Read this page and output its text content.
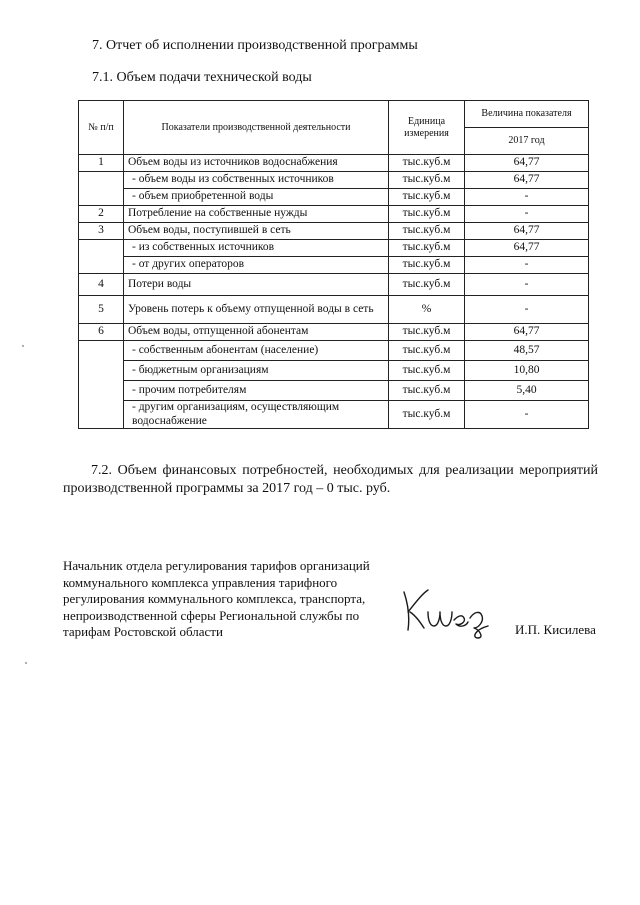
7. Отчет об исполнении производственной программы
7.1. Объем подачи технической воды
№ п/п	Показатели производственной деятельности	Единица измерения	Величина показателя
			2017 год
1	Объем воды из источников водоснабжения	тыс.куб.м	64,77
	- объем воды из собственных источников	тыс.куб.м	64,77
	- объем приобретенной воды	тыс.куб.м	-
2	Потребление на собственные нужды	тыс.куб.м	-
3	Объем воды, поступившей в сеть	тыс.куб.м	64,77
	- из собственных источников	тыс.куб.м	64,77
	- от других операторов	тыс.куб.м	-
4	Потери воды	тыс.куб.м	-
5	Уровень потерь к объему отпущенной воды в сеть	%	-
6	Объем воды, отпущенной абонентам	тыс.куб.м	64,77
	- собственным абонентам (население)	тыс.куб.м	48,57
	- бюджетным организациям	тыс.куб.м	10,80
	- прочим потребителям	тыс.куб.м	5,40
	- другим организациям, осуществляющим водоснабжение	тыс.куб.м	-
7.2. Объем финансовых потребностей, необходимых для реализации мероприятий производственной программы за 2017 год – 0 тыс. руб.
Начальник отдела регулирования тарифов организаций
коммунального комплекса управления тарифного
регулирования коммунального комплекса, транспорта,
непроизводственной сферы Региональной службы по
тарифам Ростовской области	И.П. Кисилева
